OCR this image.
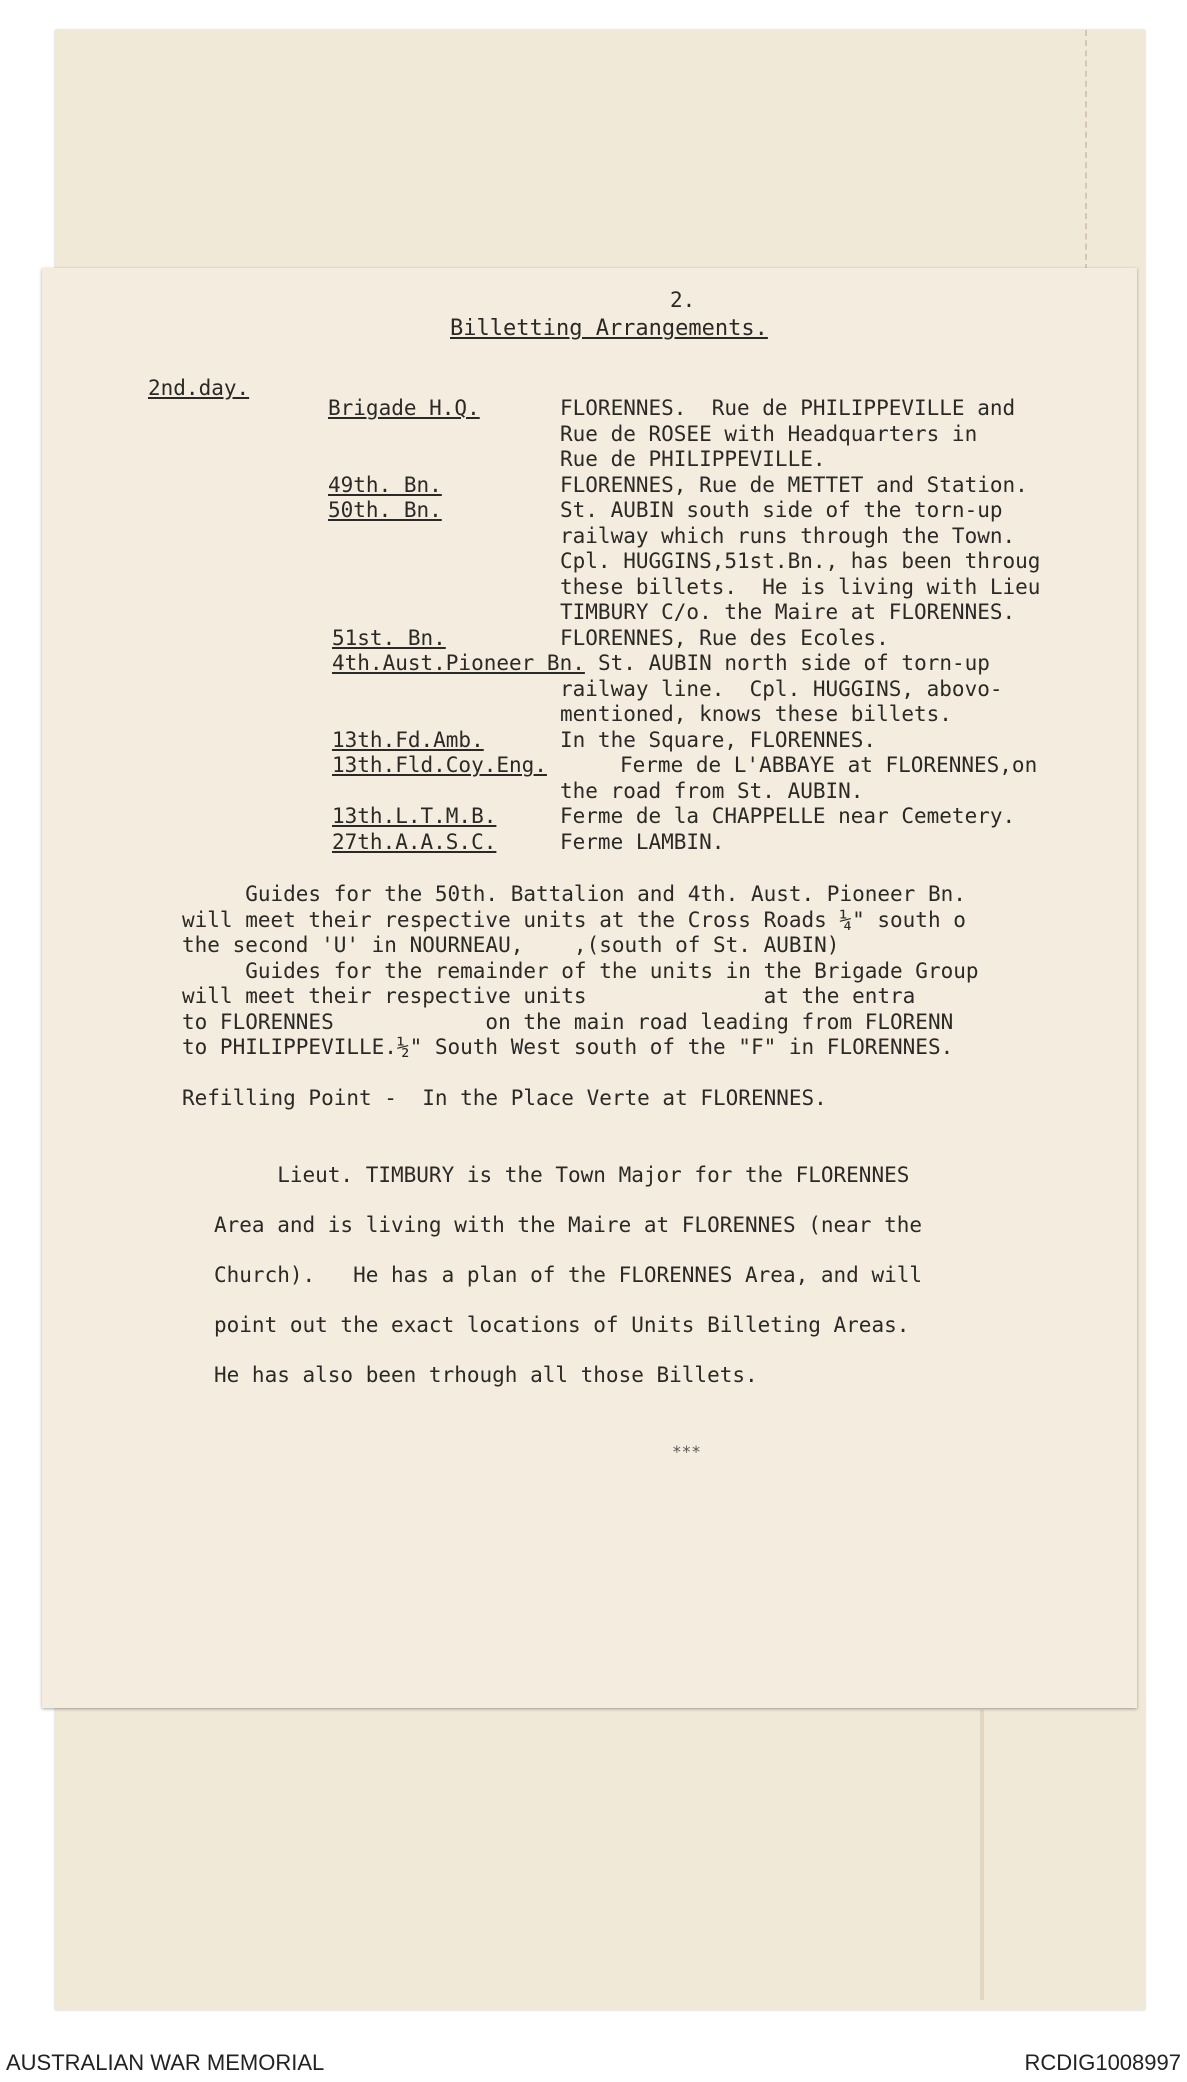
2.
Billetting Arrangements.
2nd.day.
Brigade H.Q.	FLORENNES.  Rue de PHILIPPEVILLE and
Rue de ROSEE with Headquarters in
Rue de PHILIPPEVILLE.
49th. Bn.	FLORENNES, Rue de METTET and Station.
50th. Bn.	St. AUBIN south side of the torn-up
railway which runs through the Town.
Cpl. HUGGINS,51st.Bn., has been throug
these billets.  He is living with Lieu
TIMBURY C/o. the Maire at FLORENNES.
51st. Bn.	FLORENNES, Rue des Ecoles.
4th.Aust.Pioneer Bn. St. AUBIN north side of torn-up
railway line.  Cpl. HUGGINS, abovo-
mentioned, knows these billets.
13th.Fd.Amb.	In the Square, FLORENNES.
13th.Fld.Coy.Eng.	Ferme de L'ABBAYE at FLORENNES,on
the road from St. AUBIN.
13th.L.T.M.B.	Ferme de la CHAPPELLE near Cemetery.
27th.A.A.S.C.	Ferme LAMBIN.
Guides for the 50th. Battalion and 4th. Aust. Pioneer Bn.
will meet their respective units at the Cross Roads ¼" south o
the second 'U' in NOURNEAU,    ,(south of St. AUBIN)
Guides for the remainder of the units in the Brigade Group
will meet their respective units              at the entra
to FLORENNES            on the main road leading from FLORENN
to PHILIPPEVILLE.½" South West south of the "F" in FLORENNES.
Refilling Point -  In the Place Verte at FLORENNES.
Lieut. TIMBURY is the Town Major for the FLORENNES
Area and is living with the Maire at FLORENNES (near the
Church).   He has a plan of the FLORENNES Area, and will
point out the exact locations of Units Billeting Areas.
He has also been trhough all those Billets.
***
AUSTRALIAN WAR MEMORIAL	RCDIG1008997
